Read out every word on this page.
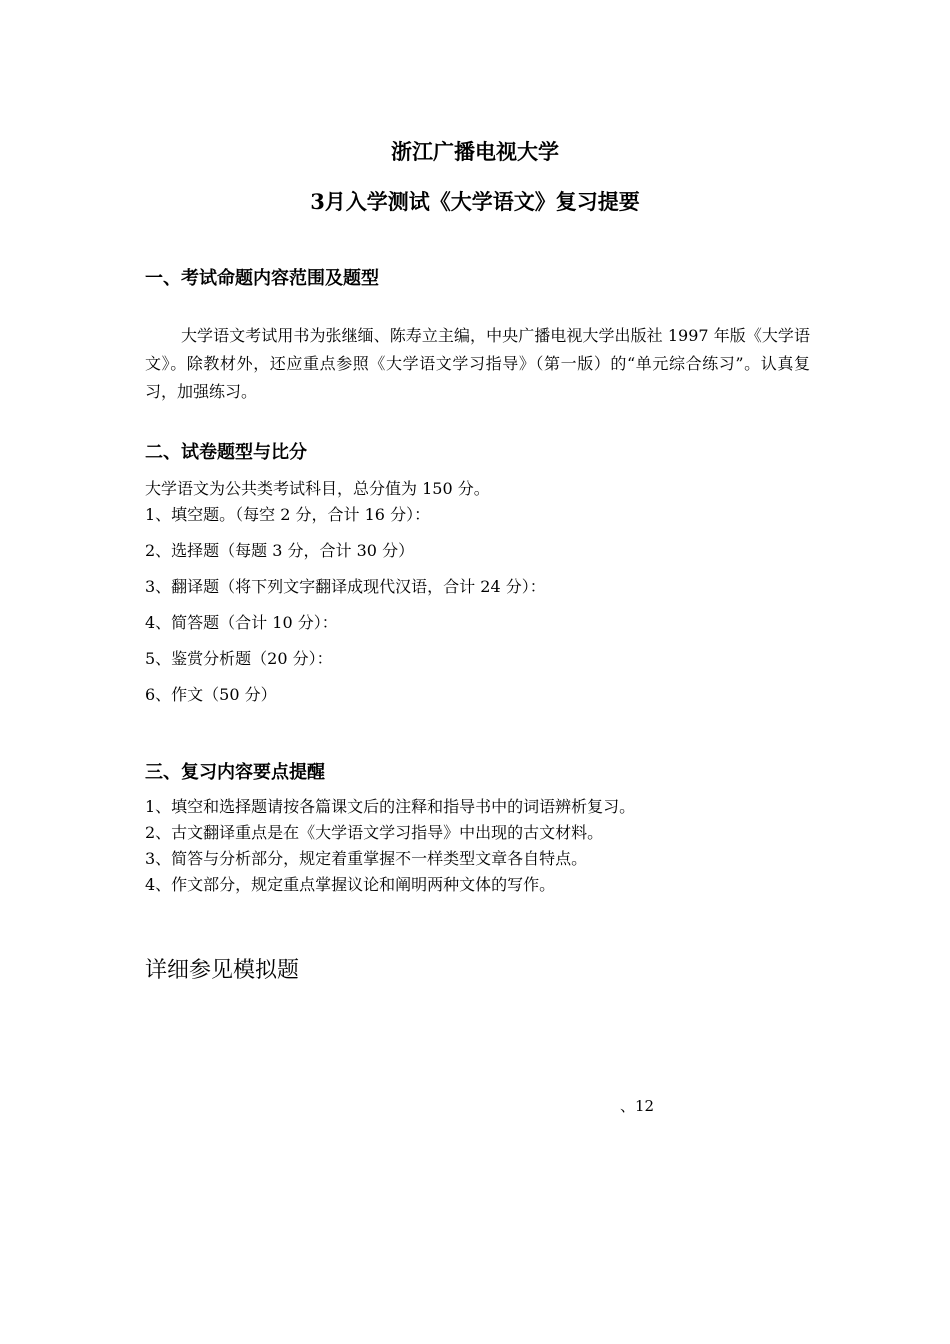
浙江广播电视大学
3月入学测试《大学语文》复习提要
一、考试命题内容范围及题型
大学语文考试用书为张继缅、陈寿立主编，中央广播电视大学出版社 1997 年版《大学语文》。除教材外，还应重点参照《大学语文学习指导》（第一版）的“单元综合练习”。认真复习，加强练习。
二、试卷题型与比分
大学语文为公共类考试科目，总分值为 150 分。
1、填空题。（每空 2 分，合计 16 分）：
2、选择题（每题 3 分，合计 30 分）
3、翻译题（将下列文字翻译成现代汉语，合计 24 分）：
4、简答题（合计 10 分）：
5、鉴赏分析题（20 分）：
6、作文（50 分）
三、复习内容要点提醒
1、填空和选择题请按各篇课文后的注释和指导书中的词语辨析复习。
2、古文翻译重点是在《大学语文学习指导》中出现的古文材料。
3、简答与分析部分，规定着重掌握不一样类型文章各自特点。
4、作文部分，规定重点掌握议论和阐明两种文体的写作。
详细参见模拟题
、12
